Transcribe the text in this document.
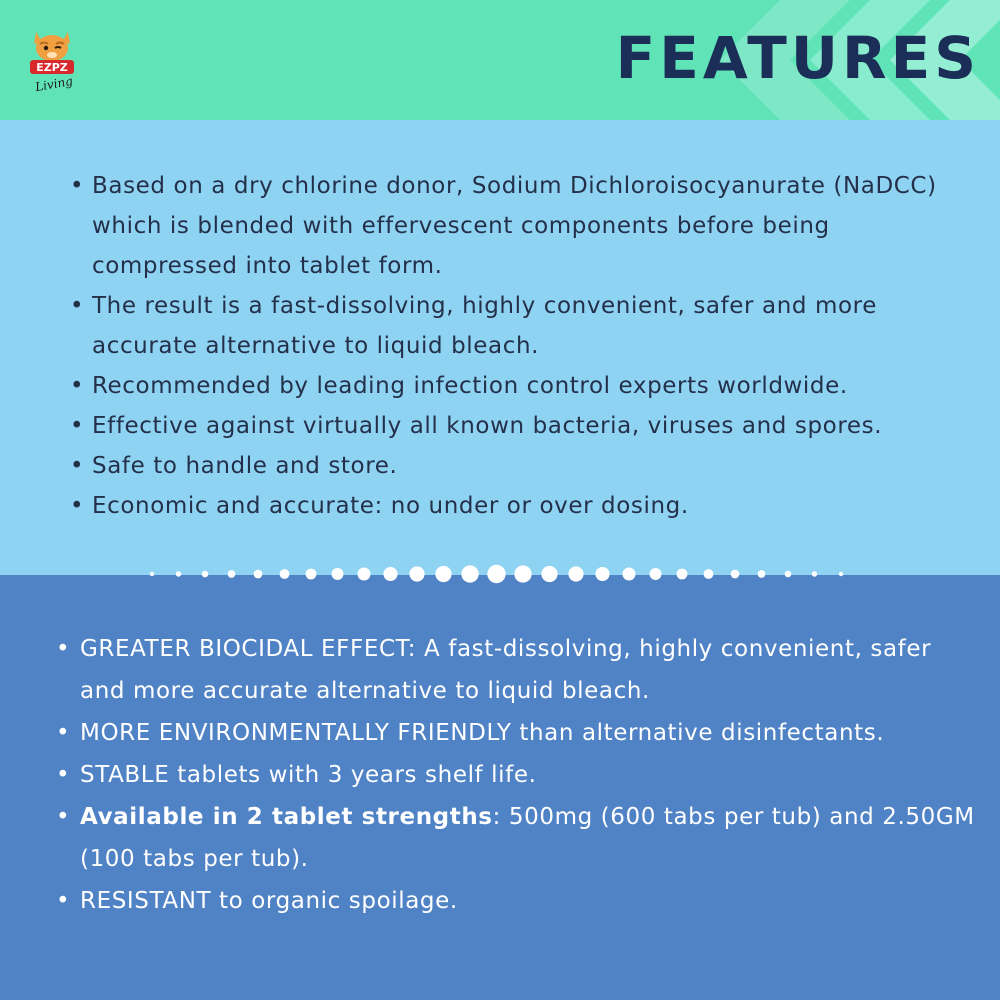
EZPZ
Living	FEATURES
• Based on a dry chlorine donor, Sodium Dichloroisocyanurate (NaDCC) which is blended with effervescent components before being compressed into tablet form.
• The result is a fast-dissolving, highly convenient, safer and more accurate alternative to liquid bleach.
• Recommended by leading infection control experts worldwide.
• Effective against virtually all known bacteria, viruses and spores.
• Safe to handle and store.
• Economic and accurate: no under or over dosing.
• GREATER BIOCIDAL EFFECT: A fast-dissolving, highly convenient, safer and more accurate alternative to liquid bleach.
• MORE ENVIRONMENTALLY FRIENDLY than alternative disinfectants.
• STABLE tablets with 3 years shelf life.
• Available in 2 tablet strengths: 500mg (600 tabs per tub) and 2.50GM (100 tabs per tub).
• RESISTANT to organic spoilage.
